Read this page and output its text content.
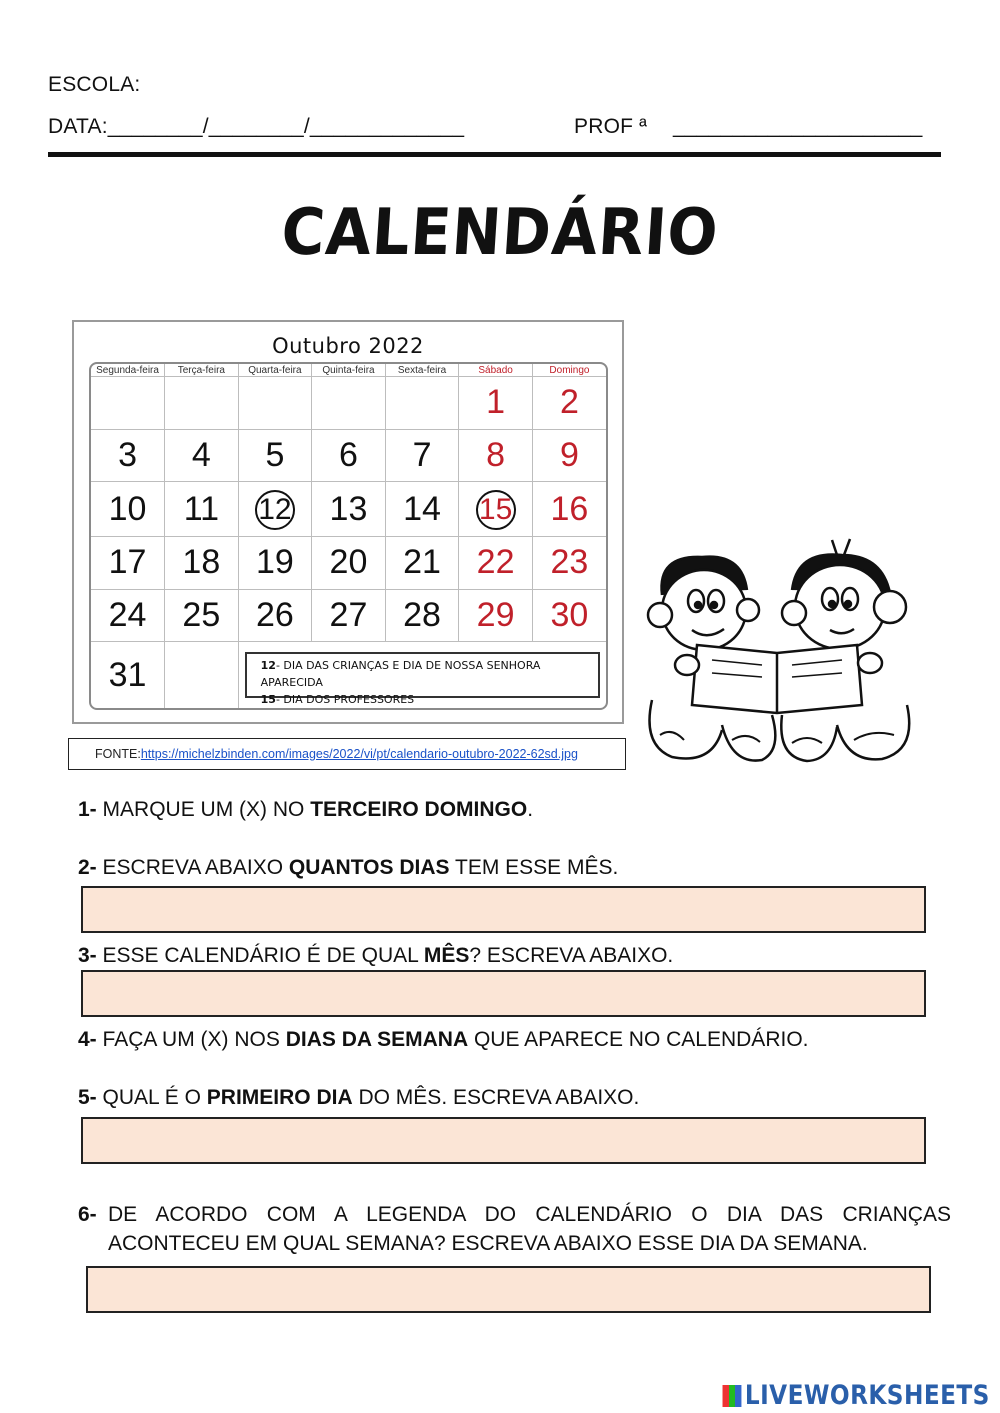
ESCOLA:
DATA:________/________/_____________	PROF ª _____________________
CALENDÁRIO
Outubro 2022
Segunda-feira	Terça-feira	Quarta-feira	Quinta-feira	Sexta-feira	Sábado	Domingo
					1	2
3	4	5	6	7	8	9
10	11	12	13	14	15	16
17	18	19	20	21	22	23
24	25	26	27	28	29	30
31		12- DIA DAS CRIANÇAS E DIA DE NOSSA SENHORA APARECIDA
15- DIA DOS PROFESSORES				
FONTE:https://michelzbinden.com/images/2022/vi/pt/calendario-outubro-2022-62sd.jpg
1- MARQUE UM (X) NO TERCEIRO DOMINGO.
2- ESCREVA ABAIXO QUANTOS DIAS TEM ESSE MÊS.
3- ESSE CALENDÁRIO É DE QUAL MÊS? ESCREVA ABAIXO.
4- FAÇA UM (X) NOS DIAS DA SEMANA QUE APARECE NO CALENDÁRIO.
5- QUAL É O PRIMEIRO DIA DO MÊS. ESCREVA ABAIXO.
6- DE ACORDO COM A LEGENDA DO CALENDÁRIO O DIA DAS CRIANÇAS
ACONTECEU EM QUAL SEMANA? ESCREVA ABAIXO ESSE DIA DA SEMANA.
LIVEWORKSHEETS
